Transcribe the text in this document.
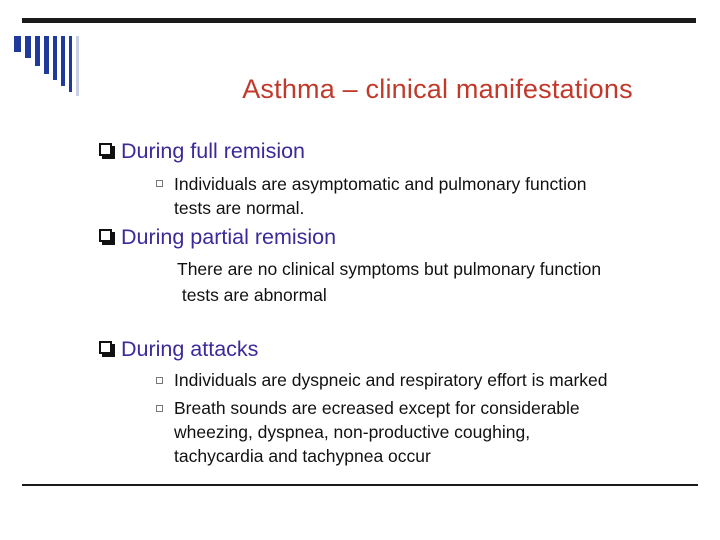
Asthma – clinical manifestations
During full remision
Individuals are asymptomatic and pulmonary function
tests are normal.
During partial remision
There are no clinical symptoms but pulmonary function
tests are abnormal
During attacks
Individuals are dyspneic and respiratory effort is marked
Breath sounds are ecreased except for considerable
wheezing, dyspnea, non-productive coughing,
tachycardia and tachypnea occur
